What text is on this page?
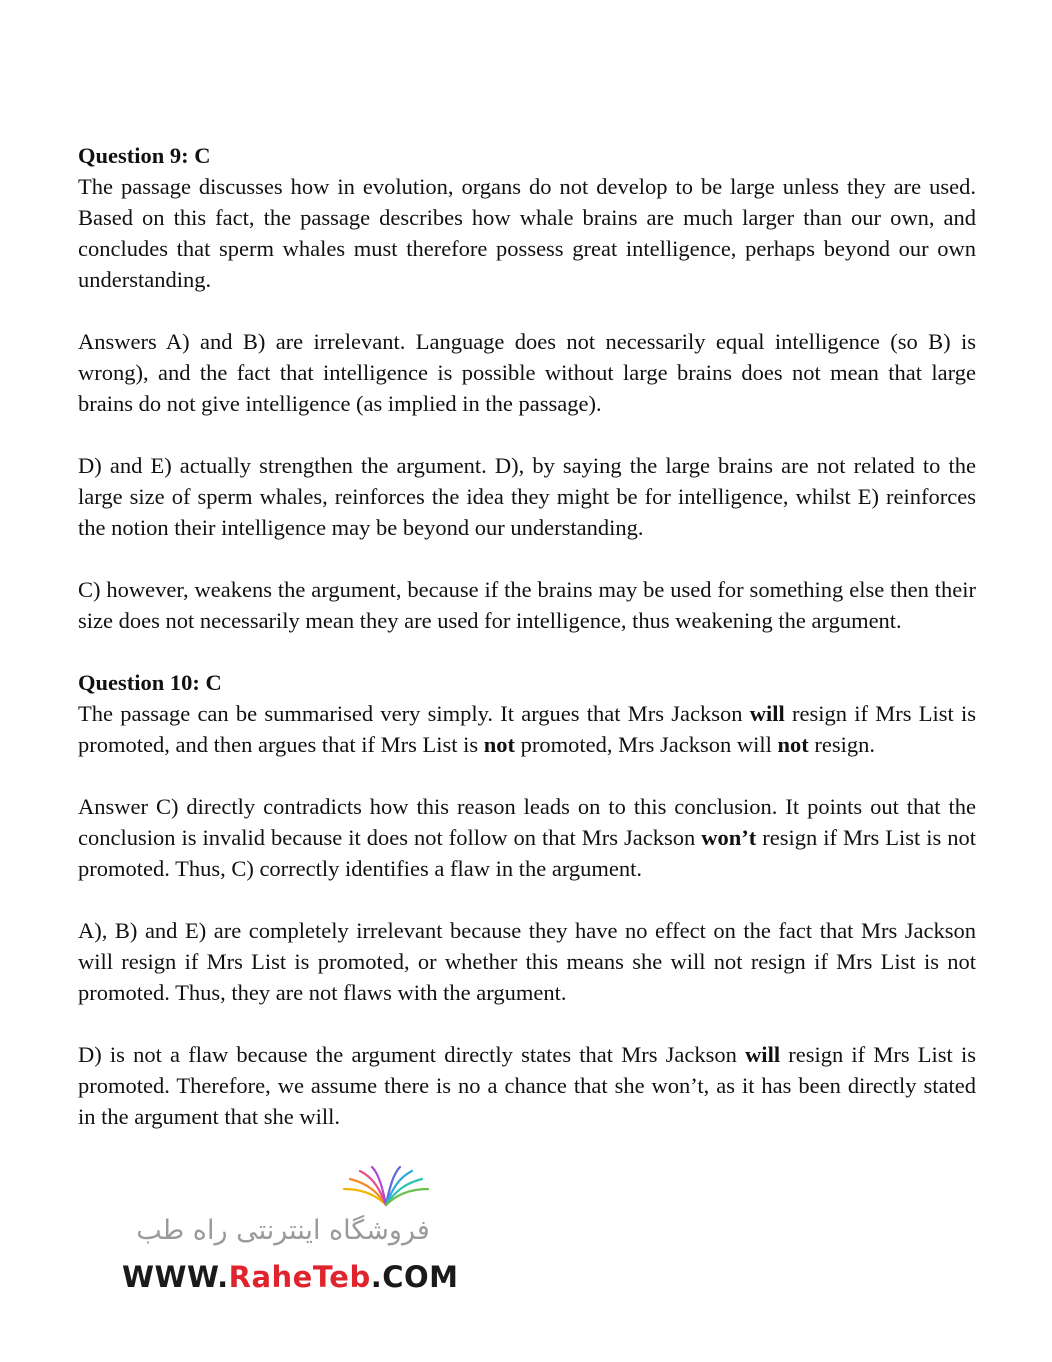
Question 9: C

The passage discusses how in evolution, organs do not develop to be large unless they are used. Based on this fact, the passage describes how whale brains are much larger than our own, and concludes that sperm whales must therefore possess great intelligence, perhaps beyond our own understanding.

Answers A) and B) are irrelevant. Language does not necessarily equal intelligence (so B) is wrong), and the fact that intelligence is possible without large brains does not mean that large brains do not give intelligence (as implied in the passage).

D) and E) actually strengthen the argument. D), by saying the large brains are not related to the large size of sperm whales, reinforces the idea they might be for intelligence, whilst E) reinforces the notion their intelligence may be beyond our understanding.

C) however, weakens the argument, because if the brains may be used for something else then their size does not necessarily mean they are used for intelligence, thus weakening the argument.

Question 10: C

The passage can be summarised very simply. It argues that Mrs Jackson will resign if Mrs List is promoted, and then argues that if Mrs List is not promoted, Mrs Jackson will not resign.

Answer C) directly contradicts how this reason leads on to this conclusion. It points out that the conclusion is invalid because it does not follow on that Mrs Jackson won’t resign if Mrs List is not promoted. Thus, C) correctly identifies a flaw in the argument.

A), B) and E) are completely irrelevant because they have no effect on the fact that Mrs Jackson will resign if Mrs List is promoted, or whether this means she will not resign if Mrs List is not promoted. Thus, they are not flaws with the argument.

D) is not a flaw because the argument directly states that Mrs Jackson will resign if Mrs List is promoted. Therefore, we assume there is no a chance that she won’t, as it has been directly stated in the argument that she will.

فروشگاه اینترنتی راه طب
WWW.RaheTeb.COM
